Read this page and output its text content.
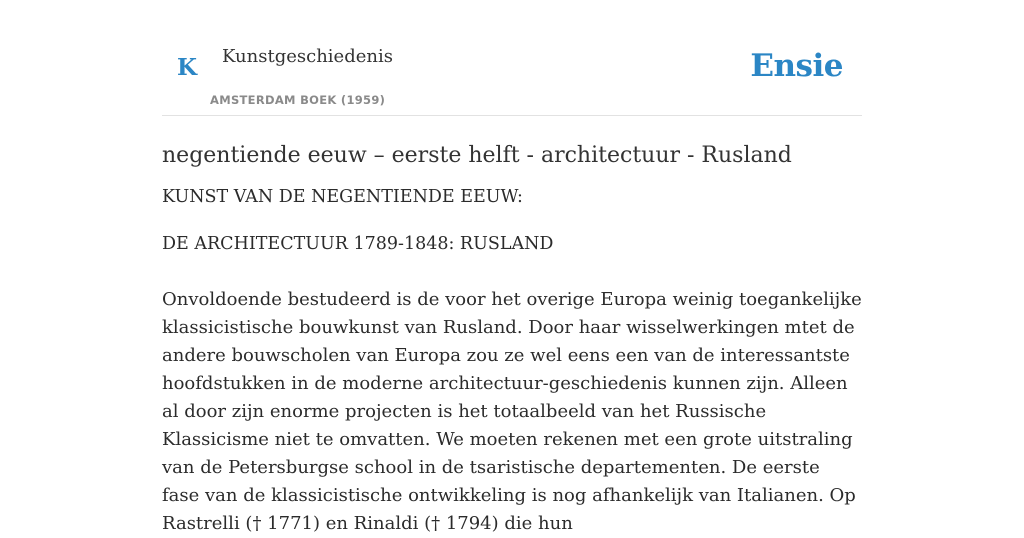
K Kunstgeschiedenis
AMSTERDAM BOEK (1959)
Ensie
negentiende eeuw – eerste helft - architectuur - Rusland

KUNST VAN DE NEGENTIENDE EEUW:

DE ARCHITECTUUR 1789-1848: RUSLAND

Onvoldoende bestudeerd is de voor het overige Europa weinig toegankelijke klassicistische bouwkunst van Rusland. Door haar wisselwerkingen mtet de andere bouwscholen van Europa zou ze wel eens een van de interessantste hoofdstukken in de moderne architectuur-geschiedenis kunnen zijn. Alleen al door zijn enorme projecten is het totaalbeeld van het Russische Klassicisme niet te omvatten. We moeten rekenen met een grote uitstraling van de Petersburgse school in de tsaristische departementen. De eerste fase van de klassicistische ontwikkeling is nog afhankelijk van Italianen. Op Rastrelli († 1771) en Rinaldi († 1794) die hun
